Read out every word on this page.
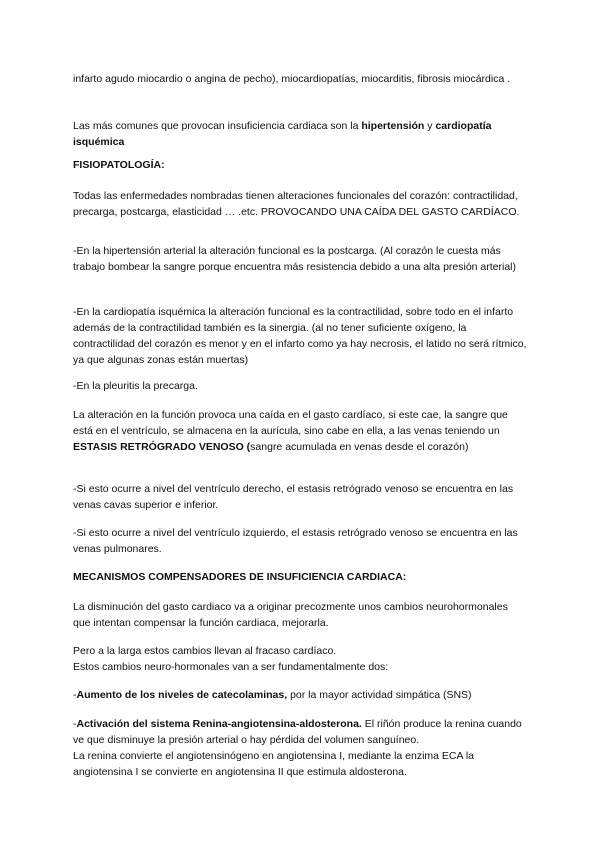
infarto agudo miocardio o angina de pecho), miocardiopatías, miocarditis, fibrosis miocárdica .

Las más comunes que provocan insuficiencia cardiaca son la hipertensión y cardiopatía isquémica

FISIOPATOLOGÍA:

Todas las enfermedades nombradas tienen alteraciones funcionales del corazón: contractilidad, precarga, postcarga, elasticidad … .etc. PROVOCANDO UNA CAÍDA DEL GASTO CARDÍACO.

-En la hipertensión arterial la alteración funcional es la postcarga. (Al corazón le cuesta más trabajo bombear la sangre porque encuentra más resistencia debido a una alta presión arterial)

-En la cardiopatía isquémica la alteración funcional es la contractilidad, sobre todo en el infarto además de la contractilidad también es la sinergia. (al no tener suficiente oxígeno, la contractilidad del corazón es menor y en el infarto como ya hay necrosis, el latido no será rítmico, ya que algunas zonas están muertas)

-En la pleuritis la precarga.

La alteración en la función provoca una caída en el gasto cardíaco, si este cae, la sangre que está en el ventrículo, se almacena en la aurícula, sino cabe en ella, a las venas teniendo un ESTASIS RETRÓGRADO VENOSO (sangre acumulada en venas desde el corazón)

-Si esto ocurre a nivel del ventrículo derecho, el estasis retrógrado venoso se encuentra en las venas cavas superior e inferior.

-Si esto ocurre a nivel del ventrículo izquierdo, el estasis retrógrado venoso se encuentra en las venas pulmonares.

MECANISMOS COMPENSADORES DE INSUFICIENCIA CARDIACA:

La disminución del gasto cardiaco va a originar precozmente unos cambios neurohormonales que intentan compensar la función cardiaca, mejorarla.

Pero a la larga estos cambios llevan al fracaso cardíaco.
Estos cambios neuro-hormonales van a ser fundamentalmente dos:

-Aumento de los niveles de catecolaminas, por la mayor actividad simpática (SNS)

-Activación del sistema Renina-angiotensina-aldosterona. El riñón produce la renina cuando ve que disminuye la presión arterial o hay pérdida del volumen sanguíneo.
La renina convierte el angiotensinógeno en angiotensina I, mediante la enzima ECA la angiotensina I se convierte en angiotensina II que estimula aldosterona.
